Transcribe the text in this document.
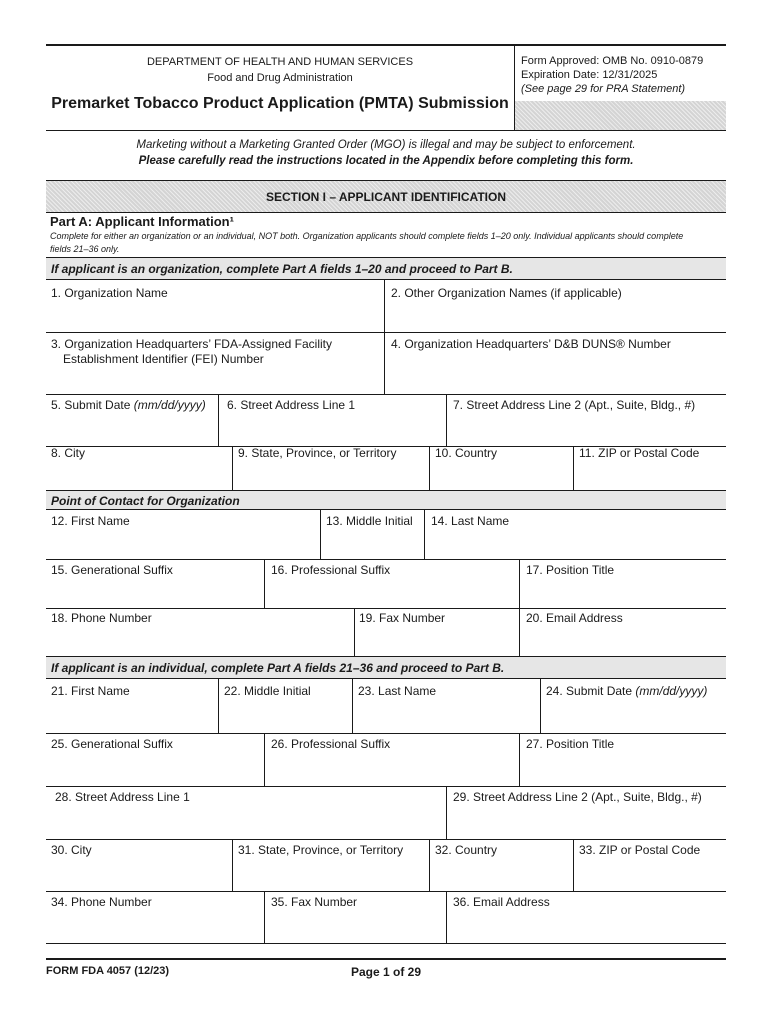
DEPARTMENT OF HEALTH AND HUMAN SERVICES
Food and Drug Administration
Premarket Tobacco Product Application (PMTA) Submission
Form Approved: OMB No. 0910-0879
Expiration Date: 12/31/2025
(See page 29 for PRA Statement)
Marketing without a Marketing Granted Order (MGO) is illegal and may be subject to enforcement.
Please carefully read the instructions located in the Appendix before completing this form.
SECTION I – APPLICANT IDENTIFICATION
Part A: Applicant Information¹
Complete for either an organization or an individual, NOT both. Organization applicants should complete fields 1–20 only. Individual applicants should complete fields 21–36 only.
If applicant is an organization, complete Part A fields 1–20 and proceed to Part B.
1. Organization Name	2. Other Organization Names (if applicable)
3. Organization Headquarters’ FDA-Assigned Facility
Establishment Identifier (FEI) Number
4. Organization Headquarters’ D&B DUNS® Number
5. Submit Date (mm/dd/yyyy) 6. Street Address Line 1	7. Street Address Line 2 (Apt., Suite, Bldg., #)
8. City	9. State, Province, or Territory	10. Country	11. ZIP or Postal Code
Point of Contact for Organization
12. First Name	13. Middle Initial 14. Last Name
15. Generational Suffix	16. Professional Suffix	17. Position Title
18. Phone Number	19. Fax Number	20. Email Address
If applicant is an individual, complete Part A fields 21–36 and proceed to Part B.
21. First Name	22. Middle Initial	23. Last Name	24. Submit Date (mm/dd/yyyy)
25. Generational Suffix	26. Professional Suffix	27. Position Title
28. Street Address Line 1	29. Street Address Line 2 (Apt., Suite, Bldg., #)
30. City	31. State, Province, or Territory	32. Country	33. ZIP or Postal Code
34. Phone Number	35. Fax Number	36. Email Address
FORM FDA 4057 (12/23)	Page 1 of 29
